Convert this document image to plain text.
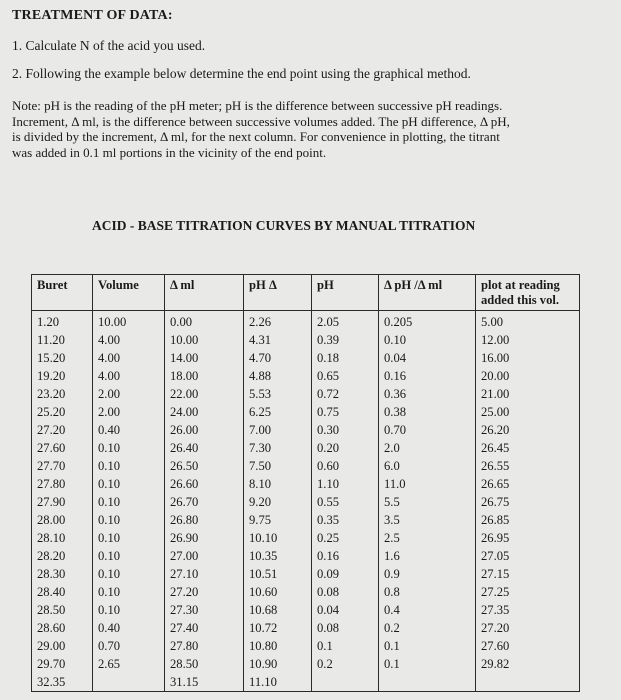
TREATMENT OF DATA:
1. Calculate N of the acid you used.
2. Following the example below determine the end point using the graphical method.
Note: pH is the reading of the pH meter; pH is the difference between successive pH readings.
Increment, Δ ml, is the difference between successive volumes added. The pH difference, Δ pH,
is divided by the increment, Δ ml, for the next column. For convenience in plotting, the titrant
was added in 0.1 ml portions in the vicinity of the end point.
ACID - BASE TITRATION CURVES BY MANUAL TITRATION
Buret	Volume	Δ ml	pH Δ	pH	Δ pH /Δ ml	plot at reading added this vol.
1.20	10.00	0.00	2.26	2.05	0.205	5.00
11.20	4.00	10.00	4.31	0.39	0.10	12.00
15.20	4.00	14.00	4.70	0.18	0.04	16.00
19.20	4.00	18.00	4.88	0.65	0.16	20.00
23.20	2.00	22.00	5.53	0.72	0.36	21.00
25.20	2.00	24.00	6.25	0.75	0.38	25.00
27.20	0.40	26.00	7.00	0.30	0.70	26.20
27.60	0.10	26.40	7.30	0.20	2.0	26.45
27.70	0.10	26.50	7.50	0.60	6.0	26.55
27.80	0.10	26.60	8.10	1.10	11.0	26.65
27.90	0.10	26.70	9.20	0.55	5.5	26.75
28.00	0.10	26.80	9.75	0.35	3.5	26.85
28.10	0.10	26.90	10.10	0.25	2.5	26.95
28.20	0.10	27.00	10.35	0.16	1.6	27.05
28.30	0.10	27.10	10.51	0.09	0.9	27.15
28.40	0.10	27.20	10.60	0.08	0.8	27.25
28.50	0.10	27.30	10.68	0.04	0.4	27.35
28.60	0.40	27.40	10.72	0.08	0.2	27.20
29.00	0.70	27.80	10.80	0.1	0.1	27.60
29.70	2.65	28.50	10.90	0.2	0.1	29.82
32.35		31.15	11.10			
